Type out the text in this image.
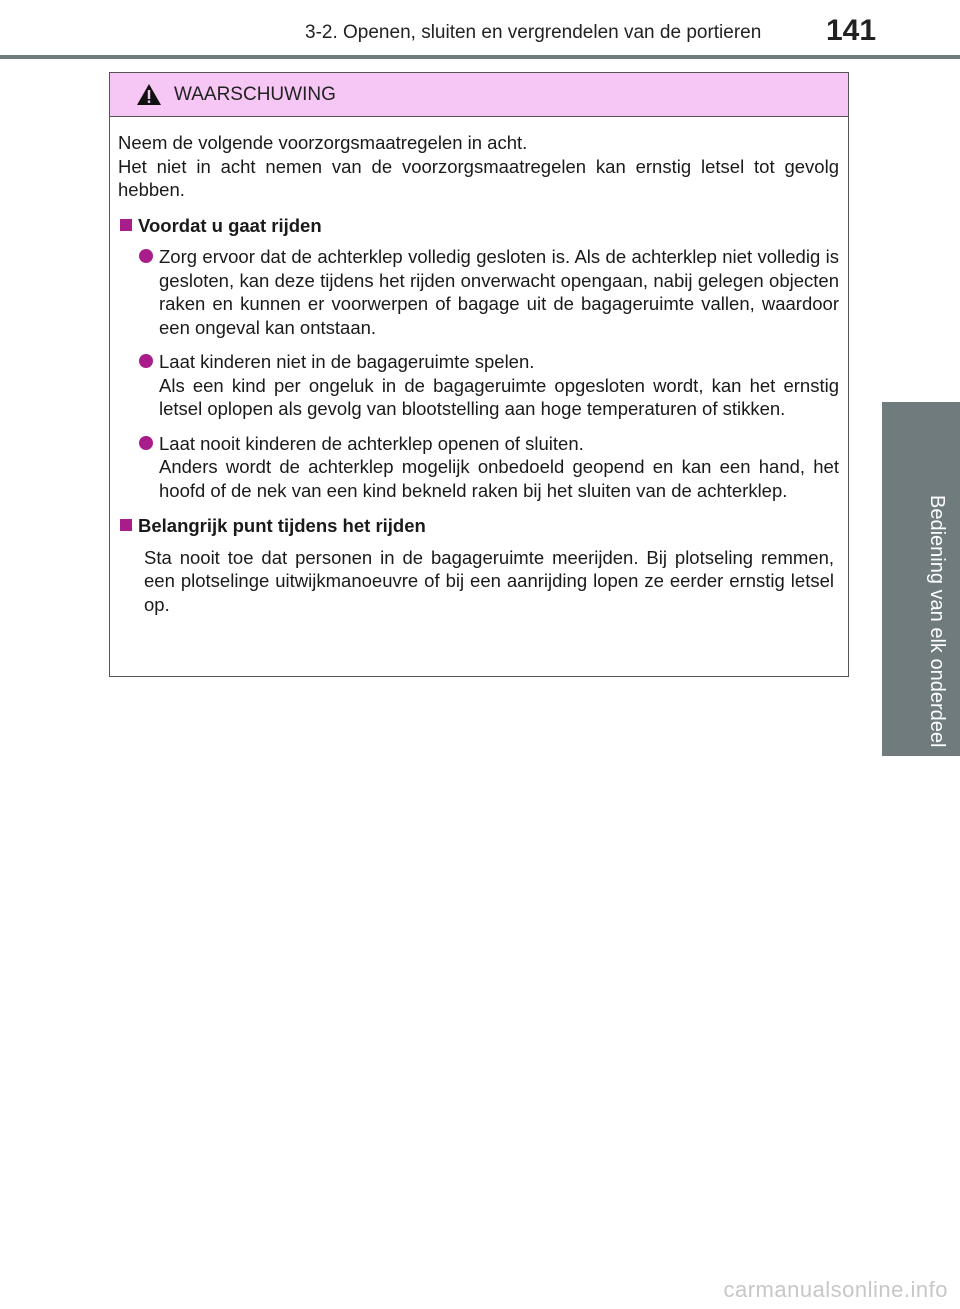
3-2. Openen, sluiten en vergrendelen van de portieren 141
3
Bediening van elk onderdeel
WAARSCHUWING

Neem de volgende voorzorgsmaatregelen in acht.

Het niet in acht nemen van de voorzorgsmaatregelen kan ernstig letsel tot gevolg hebben.

Voordat u gaat rijden

Zorg ervoor dat de achterklep volledig gesloten is. Als de achterklep niet volledig is gesloten, kan deze tijdens het rijden onverwacht opengaan, nabij gelegen objecten raken en kunnen er voorwerpen of bagage uit de bagageruimte vallen, waardoor een ongeval kan ontstaan.

Laat kinderen niet in de bagageruimte spelen.

Als een kind per ongeluk in de bagageruimte opgesloten wordt, kan het ernstig letsel oplopen als gevolg van blootstelling aan hoge temperaturen of stikken.

Laat nooit kinderen de achterklep openen of sluiten.

Anders wordt de achterklep mogelijk onbedoeld geopend en kan een hand, het hoofd of de nek van een kind bekneld raken bij het sluiten van de achterklep.

Belangrijk punt tijdens het rijden

Sta nooit toe dat personen in de bagageruimte meerijden. Bij plotseling remmen, een plotselinge uitwijkmanoeuvre of bij een aanrijding lopen ze eerder ernstig letsel op.

carmanualsonline.info
